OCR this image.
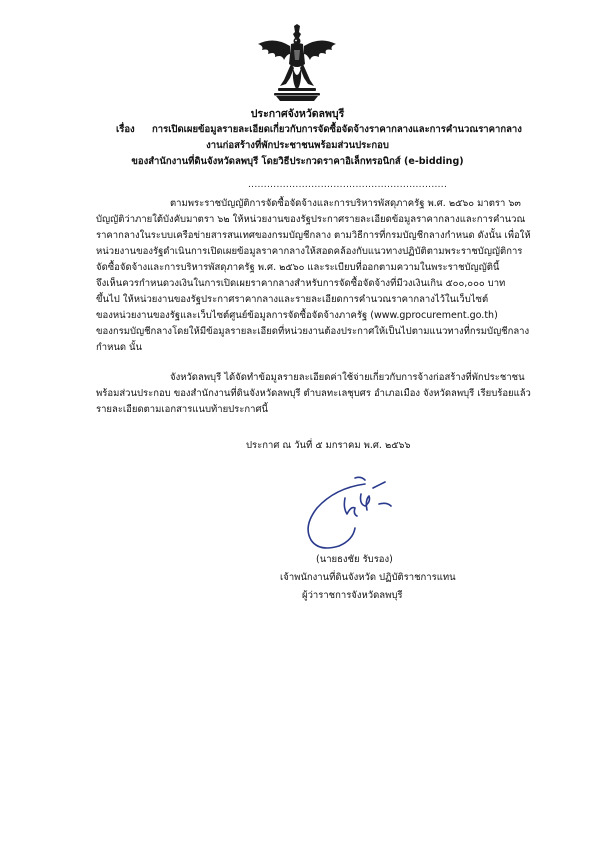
ประกาศจังหวัดลพบุรี
เรื่อง การเปิดเผยข้อมูลรายละเอียดเกี่ยวกับการจัดซื้อจัดจ้างราคากลางและการคำนวณราคากลาง
งานก่อสร้างที่พักประชาชนพร้อมส่วนประกอบ
ของสำนักงานที่ดินจังหวัดลพบุรี โดยวิธีประกวดราคาอิเล็กทรอนิกส์ (e-bidding)
...............................................................
ตามพระราชบัญญัติการจัดซื้อจัดจ้างและการบริหารพัสดุภาครัฐ พ.ศ. ๒๕๖๐ มาตรา ๖๓
บัญญัติว่าภายใต้บังคับมาตรา ๖๒ ให้หน่วยงานของรัฐประกาศรายละเอียดข้อมูลราคากลางและการคำนวณ
ราคากลางในระบบเครือข่ายสารสนเทศของกรมบัญชีกลาง ตามวิธีการที่กรมบัญชีกลางกำหนด ดังนั้น เพื่อให้
หน่วยงานของรัฐดำเนินการเปิดเผยข้อมูลราคากลางให้สอดคล้องกับแนวทางปฏิบัติตามพระราชบัญญัติการ
จัดซื้อจัดจ้างและการบริหารพัสดุภาครัฐ พ.ศ. ๒๕๖๐ และระเบียบที่ออกตามความในพระราชบัญญัตินี้
จึงเห็นควรกำหนดวงเงินในการเปิดเผยราคากลางสำหรับการจัดซื้อจัดจ้างที่มีวงเงินเกิน ๕๐๐,๐๐๐ บาท
ขึ้นไป ให้หน่วยงานของรัฐประกาศราคากลางและรายละเอียดการคำนวณราคากลางไว้ในเว็บไซต์
ของหน่วยงานของรัฐและเว็บไซต์ศูนย์ข้อมูลการจัดซื้อจัดจ้างภาครัฐ (www.gprocurement.go.th)
ของกรมบัญชีกลางโดยให้มีข้อมูลรายละเอียดที่หน่วยงานต้องประกาศให้เป็นไปตามแนวทางที่กรมบัญชีกลาง
กำหนด นั้น
จังหวัดลพบุรี ได้จัดทำข้อมูลรายละเอียดค่าใช้จ่ายเกี่ยวกับการจ้างก่อสร้างที่พักประชาชน
พร้อมส่วนประกอบ ของสำนักงานที่ดินจังหวัดลพบุรี ตำบลทะเลชุบศร อำเภอเมือง จังหวัดลพบุรี เรียบร้อยแล้ว
รายละเอียดตามเอกสารแนบท้ายประกาศนี้
ประกาศ ณ วันที่ ๕ มกราคม พ.ศ. ๒๕๖๖
(นายธงชัย รับรอง)
เจ้าพนักงานที่ดินจังหวัด ปฏิบัติราชการแทน
ผู้ว่าราชการจังหวัดลพบุรี
